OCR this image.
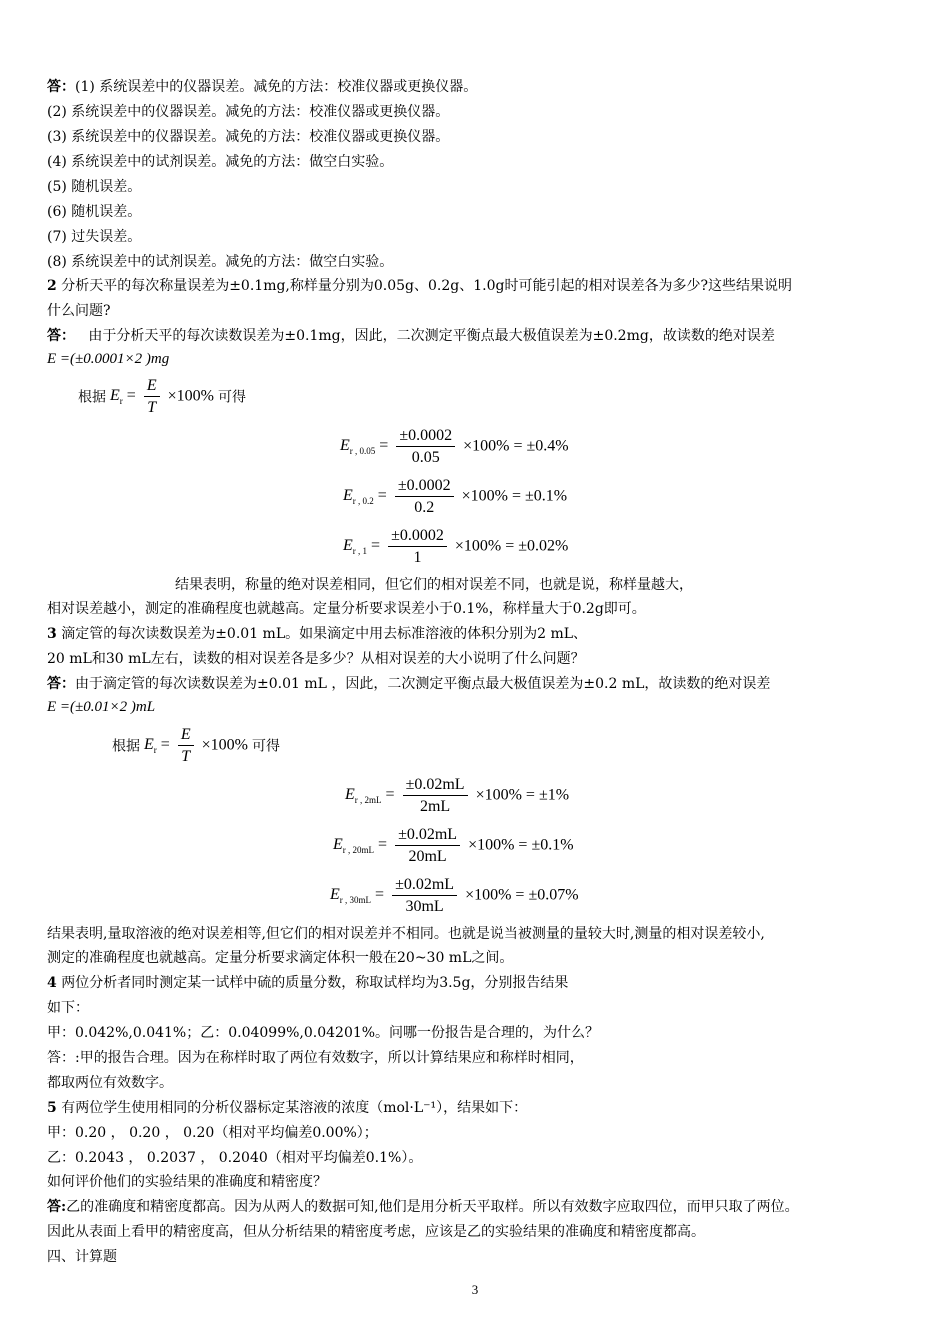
答：(1) 系统误差中的仪器误差。减免的方法：校准仪器或更换仪器。
(2) 系统误差中的仪器误差。减免的方法：校准仪器或更换仪器。
(3) 系统误差中的仪器误差。减免的方法：校准仪器或更换仪器。
(4) 系统误差中的试剂误差。减免的方法：做空白实验。
(5) 随机误差。
(6) 随机误差。
(7) 过失误差。
(8) 系统误差中的试剂误差。减免的方法：做空白实验。
2 分析天平的每次称量误差为±0.1mg,称样量分别为0.05g、0.2g、1.0g时可能引起的相对误差各为多少?这些结果说明
什么问题?
答： 由于分析天平的每次读数误差为±0.1mg，因此，二次测定平衡点最大极值误差为±0.2mg，故读数的绝对误差
E =(±0.0001×2 )mg
根据 $E_r = \frac{E}{T} \times 100\%$ 可得
$E_{r , 0.05} = \frac{\pm 0.0002}{0.05} \times 100\% = \pm 0.4\%$
$E_{r , 0.2} = \frac{\pm 0.0002}{0.2} \times 100\% = \pm 0.1\%$
$E_{r , 1} = \frac{\pm 0.0002}{1} \times 100\% = \pm 0.02\%$
结果表明，称量的绝对误差相同，但它们的相对误差不同，也就是说，称样量越大，
相对误差越小，测定的准确程度也就越高。定量分析要求误差小于0.1%，称样量大于0.2g即可。
3 滴定管的每次读数误差为±0.01 mL。如果滴定中用去标准溶液的体积分别为2 mL、
20 mL和30 mL左右，读数的相对误差各是多少？从相对误差的大小说明了什么问题？
答：由于滴定管的每次读数误差为±0.01 mL ，因此，二次测定平衡点最大极值误差为±0.2 mL，故读数的绝对误差
E =(±0.01×2 )mL
根据 $E_r = \frac{E}{T} \times 100\%$ 可得
$E_{r , 2mL} = \frac{\pm 0.02mL}{2mL} \times 100\% = \pm 1\%$
$E_{r , 20mL} = \frac{\pm 0.02mL}{20mL} \times 100\% = \pm 0.1\%$
$E_{r , 30mL} = \frac{\pm 0.02mL}{30mL} \times 100\% = \pm 0.07\%$
结果表明,量取溶液的绝对误差相等,但它们的相对误差并不相同。也就是说当被测量的量较大时,测量的相对误差较小,
测定的准确程度也就越高。定量分析要求滴定体积一般在20~30 mL之间。
4 两位分析者同时测定某一试样中硫的质量分数，称取试样均为3.5g，分别报告结果
如下：
甲：0.042%,0.041%；乙：0.04099%,0.04201%。问哪一份报告是合理的，为什么？
答：:甲的报告合理。因为在称样时取了两位有效数字，所以计算结果应和称样时相同，
都取两位有效数字。
5 有两位学生使用相同的分析仪器标定某溶液的浓度（mol·L⁻¹），结果如下：
甲：0.20 ， 0.20 ， 0.20（相对平均偏差0.00%）；
乙：0.2043 ， 0.2037 ， 0.2040（相对平均偏差0.1%）。
如何评价他们的实验结果的准确度和精密度？
答:乙的准确度和精密度都高。因为从两人的数据可知,他们是用分析天平取样。所以有效数字应取四位，而甲只取了两位。
因此从表面上看甲的精密度高，但从分析结果的精密度考虑，应该是乙的实验结果的准确度和精密度都高。
四、计算题
3
